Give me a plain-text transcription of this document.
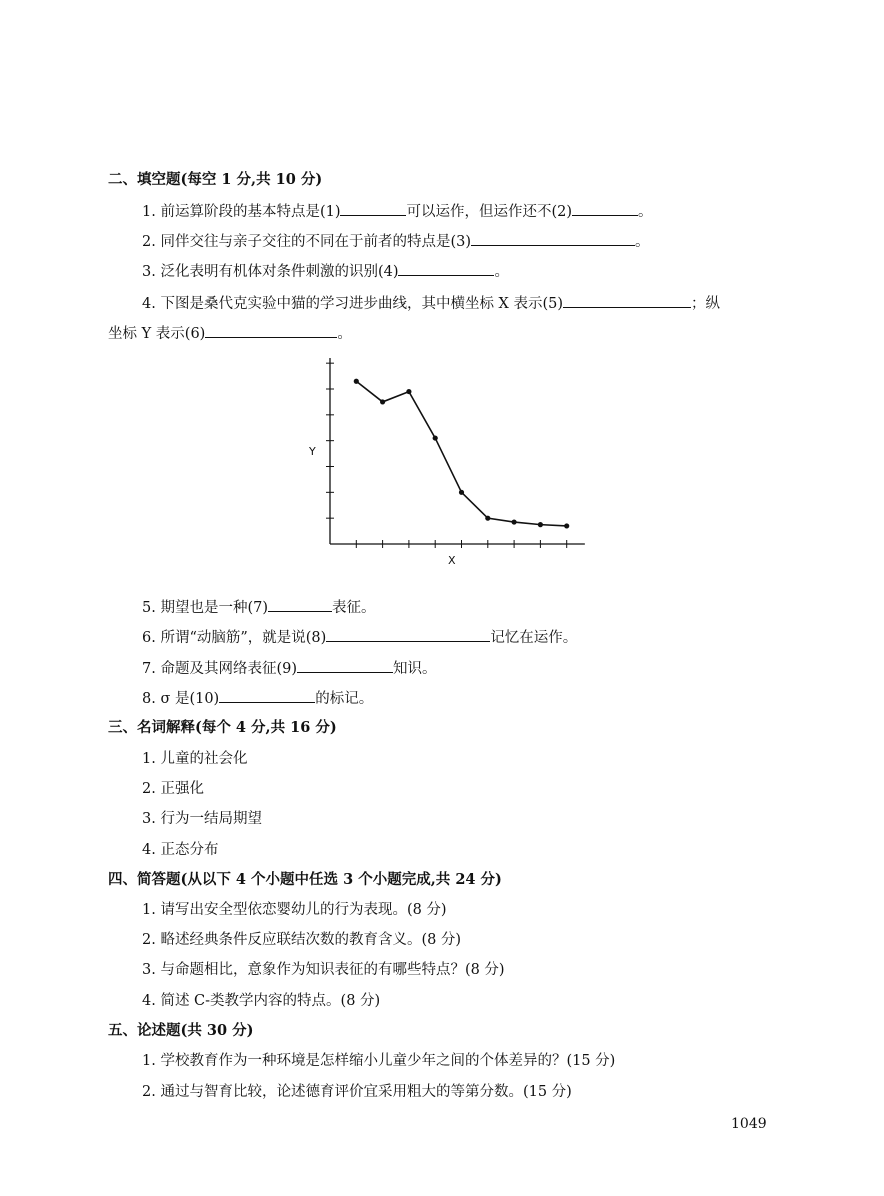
二、填空题(每空 1 分,共 10 分)
1. 前运算阶段的基本特点是(1)	可以运作，但运作还不(2)	。
2. 同伴交往与亲子交往的不同在于前者的特点是(3)	。
3. 泛化表明有机体对条件刺激的识别(4)	。
4. 下图是桑代克实验中猫的学习进步曲线，其中横坐标 X 表示(5)	；纵
坐标 Y 表示(6)	。
Y
X
5. 期望也是一种(7)	表征。
6. 所谓“动脑筋”，就是说(8)	记忆在运作。
7. 命题及其网络表征(9)	知识。
8. σ 是(10)	的标记。
三、名词解释(每个 4 分,共 16 分)
1. 儿童的社会化
2. 正强化
3. 行为一结局期望
4. 正态分布
四、简答题(从以下 4 个小题中任选 3 个小题完成,共 24 分)
1. 请写出安全型依恋婴幼儿的行为表现。(8 分)
2. 略述经典条件反应联结次数的教育含义。(8 分)
3. 与命题相比，意象作为知识表征的有哪些特点？(8 分)
4. 简述 C-类教学内容的特点。(8 分)
五、论述题(共 30 分)
1. 学校教育作为一种环境是怎样缩小儿童少年之间的个体差异的？(15 分)
2. 通过与智育比较，论述德育评价宜采用粗大的等第分数。(15 分)
1049
